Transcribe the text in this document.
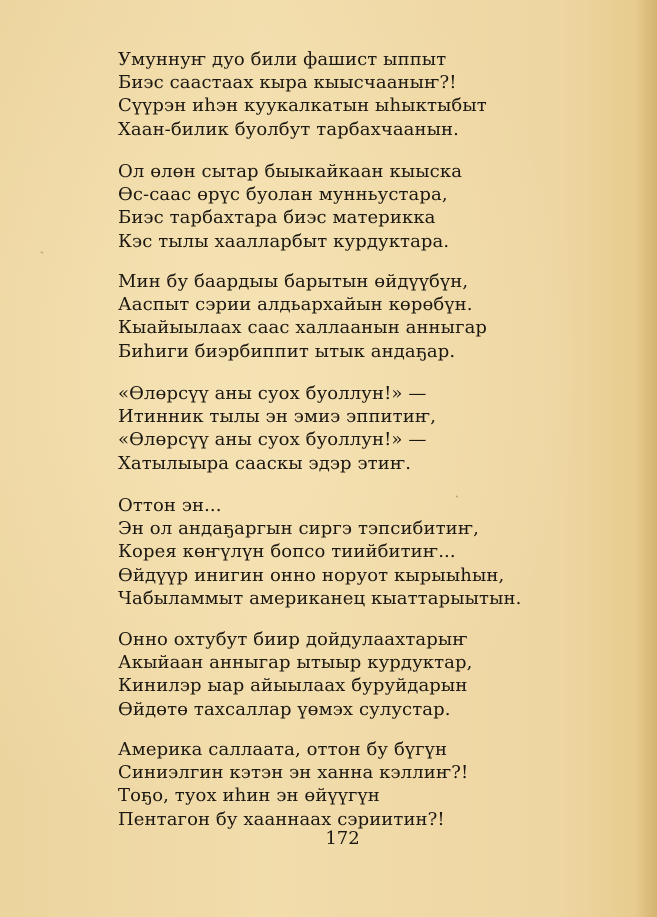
ˎ
ˎ
Умуннуҥ дуо били фашист ыппыт
Биэс саастаах кыра кыысчааныҥ?!
Сүүрэн иһэн куукалкатын ыһыктыбыт
Хаан-билик буолбут тарбахчаанын.
Ол өлөн сытар быыкайкаан кыыска
Өс-саас өрүс буолан мунньустара,
Биэс тарбахтара биэс материкка
Кэс тылы хаалларбыт курдуктара.
Мин бу баардыы барытын өйдүүбүн,
Ааспыт сэрии алдьархайын көрөбүн.
Кыайыылаах саас халлаанын анныгар
Биһиги биэрбиппит ытык андаҕар.
«Өлөрсүү аны суох буоллун!» —
Итинник тылы эн эмиэ эппитиҥ,
«Өлөрсүү аны суох буоллун!» —
Хатылыыра сааскы эдэр этиҥ.
Оттон эн...
Эн ол андаҕаргын сиргэ тэпсибитиҥ,
Корея көҥүлүн бопсо тиийбитиҥ...
Өйдүүр инигин онно норуот кырыыһын,
Чабыламмыт американец кыаттарыытын.
Онно охтубут биир дойдулаахтарыҥ
Акыйаан анныгар ытыыр курдуктар,
Кинилэр ыар айыылаах буруйдарын
Өйдөтө тахсаллар үөмэх сулустар.
Америка саллаата, оттон бу бүгүн
Синиэлгин кэтэн эн ханна кэллиҥ?!
Тоҕо, туох иһин эн өйүүгүн
Пентагон бу хааннаах сэриитин?!
172
